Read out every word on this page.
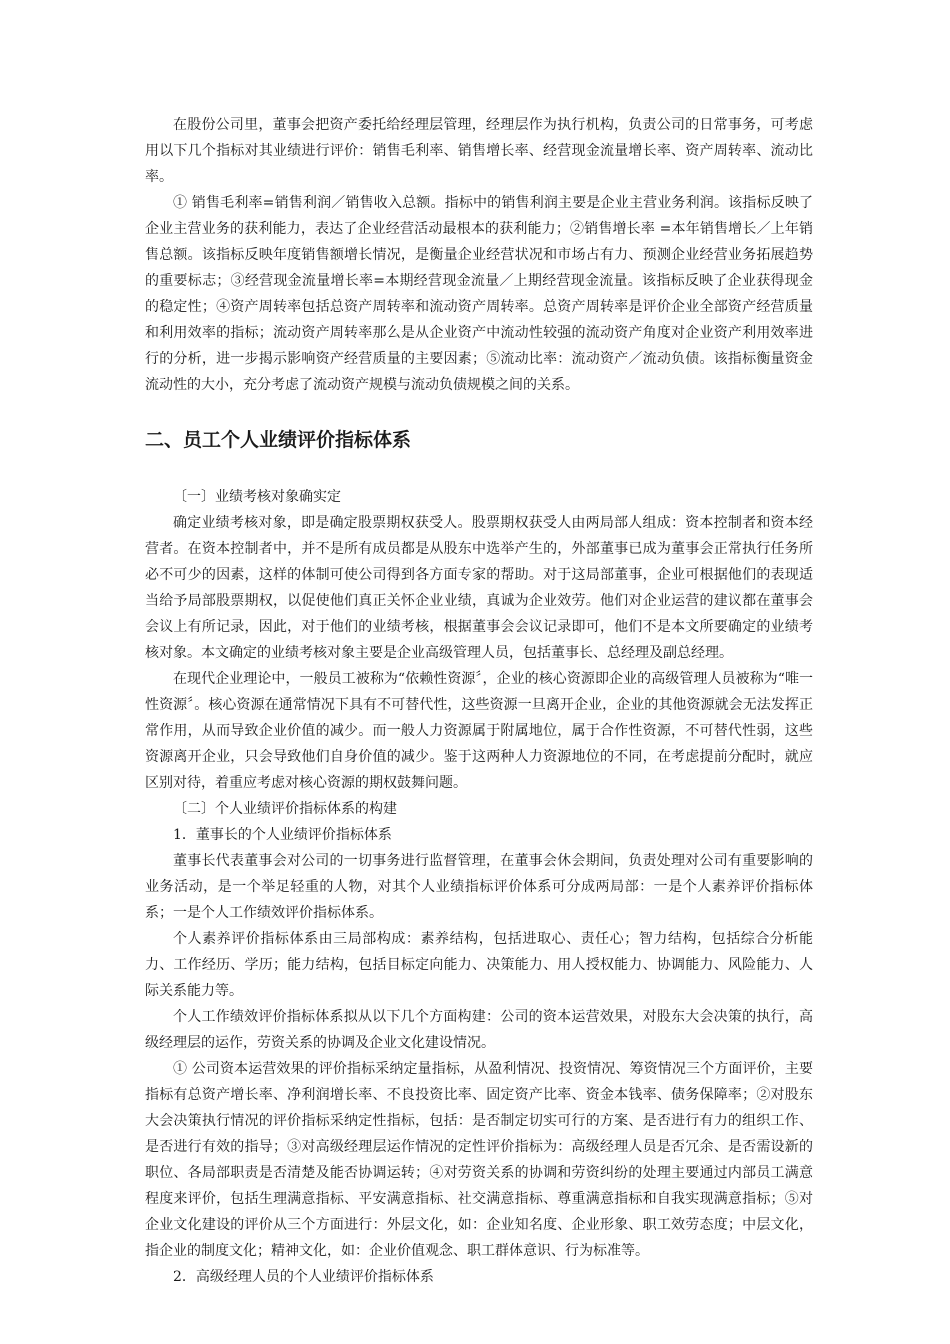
在股份公司里，董事会把资产委托给经理层管理，经理层作为执行机构，负责公司的日常事务，可考虑用以下几个指标对其业绩进行评价：销售毛利率、销售增长率、经营现金流量增长率、资产周转率、流动比率。

① 销售毛利率=销售利润／销售收入总额。指标中的销售利润主要是企业主营业务利润。该指标反映了企业主营业务的获利能力，表达了企业经营活动最根本的获利能力；②销售增长率 =本年销售增长／上年销售总额。该指标反映年度销售额增长情况，是衡量企业经营状况和市场占有力、预测企业经营业务拓展趋势的重要标志；③经营现金流量增长率=本期经营现金流量／上期经营现金流量。该指标反映了企业获得现金的稳定性；④资产周转率包括总资产周转率和流动资产周转率。总资产周转率是评价企业全部资产经营质量和利用效率的指标；流动资产周转率那么是从企业资产中流动性较强的流动资产角度对企业资产利用效率进行的分析，进一步揭示影响资产经营质量的主要因素；⑤流动比率：流动资产／流动负债。该指标衡量资金流动性的大小，充分考虑了流动资产规模与流动负债规模之间的关系。

二、员工个人业绩评价指标体系

〔一〕业绩考核对象确实定

确定业绩考核对象，即是确定股票期权获受人。股票期权获受人由两局部人组成：资本控制者和资本经营者。在资本控制者中，并不是所有成员都是从股东中选举产生的，外部董事已成为董事会正常执行任务所必不可少的因素，这样的体制可使公司得到各方面专家的帮助。对于这局部董事，企业可根据他们的表现适当给予局部股票期权，以促使他们真正关怀企业业绩，真诚为企业效劳。他们对企业运营的建议都在董事会会议上有所记录，因此，对于他们的业绩考核，根据董事会会议记录即可，他们不是本文所要确定的业绩考核对象。本文确定的业绩考核对象主要是企业高级管理人员，包括董事长、总经理及副总经理。

在现代企业理论中，一般员工被称为“依赖性资源〞，企业的核心资源即企业的高级管理人员被称为“唯一性资源〞。核心资源在通常情况下具有不可替代性，这些资源一旦离开企业，企业的其他资源就会无法发挥正常作用，从而导致企业价值的减少。而一般人力资源属于附属地位，属于合作性资源，不可替代性弱，这些资源离开企业，只会导致他们自身价值的减少。鉴于这两种人力资源地位的不同，在考虑提前分配时，就应区别对待，着重应考虑对核心资源的期权鼓舞问题。

〔二〕个人业绩评价指标体系的构建

1．董事长的个人业绩评价指标体系

董事长代表董事会对公司的一切事务进行监督管理，在董事会休会期间，负责处理对公司有重要影响的业务活动，是一个举足轻重的人物，对其个人业绩指标评价体系可分成两局部：一是个人素养评价指标体系；一是个人工作绩效评价指标体系。

个人素养评价指标体系由三局部构成：素养结构，包括进取心、责任心；智力结构，包括综合分析能力、工作经历、学历；能力结构，包括目标定向能力、决策能力、用人授权能力、协调能力、风险能力、人际关系能力等。

个人工作绩效评价指标体系拟从以下几个方面构建：公司的资本运营效果，对股东大会决策的执行，高级经理层的运作，劳资关系的协调及企业文化建设情况。

① 公司资本运营效果的评价指标采纳定量指标，从盈利情况、投资情况、筹资情况三个方面评价，主要指标有总资产增长率、净利润增长率、不良投资比率、固定资产比率、资金本钱率、债务保障率；②对股东大会决策执行情况的评价指标采纳定性指标，包括：是否制定切实可行的方案、是否进行有力的组织工作、是否进行有效的指导；③对高级经理层运作情况的定性评价指标为：高级经理人员是否冗余、是否需设新的职位、各局部职责是否清楚及能否协调运转；④对劳资关系的协调和劳资纠纷的处理主要通过内部员工满意程度来评价，包括生理满意指标、平安满意指标、社交满意指标、尊重满意指标和自我实现满意指标；⑤对企业文化建设的评价从三个方面进行：外层文化，如：企业知名度、企业形象、职工效劳态度；中层文化，指企业的制度文化；精神文化，如：企业价值观念、职工群体意识、行为标准等。

2．高级经理人员的个人业绩评价指标体系
